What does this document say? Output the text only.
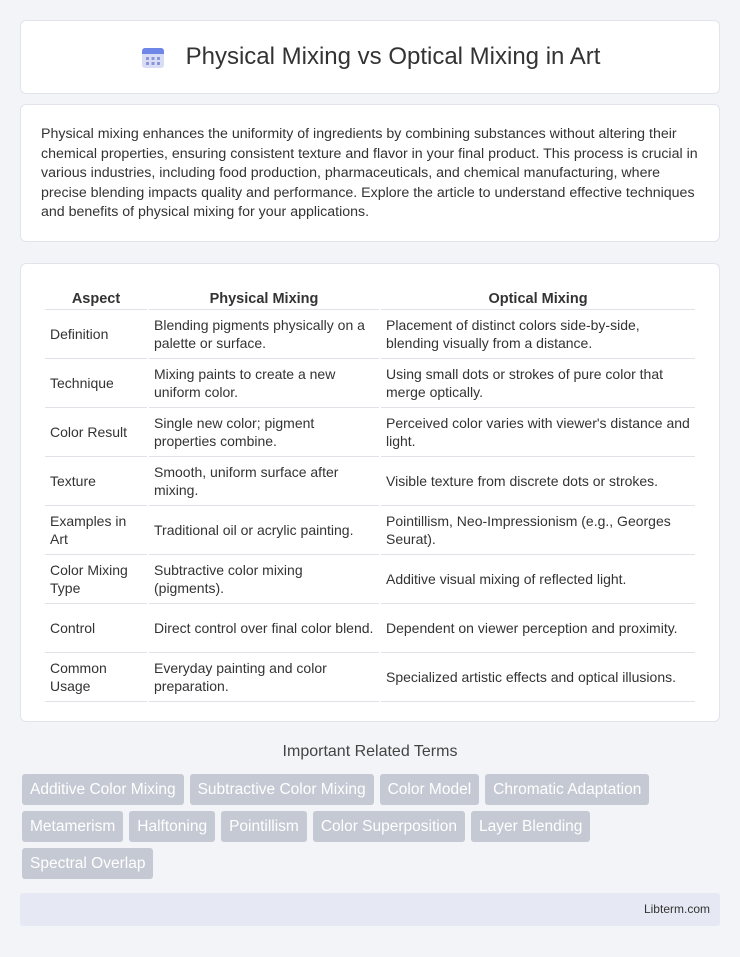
Physical Mixing vs Optical Mixing in Art

Physical mixing enhances the uniformity of ingredients by combining substances without altering their chemical properties, ensuring consistent texture and flavor in your final product. This process is crucial in various industries, including food production, pharmaceuticals, and chemical manufacturing, where precise blending impacts quality and performance. Explore the article to understand effective techniques and benefits of physical mixing for your applications.

Aspect	Physical Mixing	Optical Mixing
Definition	Blending pigments physically on a palette or surface.	Placement of distinct colors side-by-side, blending visually from a distance.
Technique	Mixing paints to create a new uniform color.	Using small dots or strokes of pure color that merge optically.
Color Result	Single new color; pigment properties combine.	Perceived color varies with viewer's distance and light.
Texture	Smooth, uniform surface after mixing.	Visible texture from discrete dots or strokes.
Examples in Art	Traditional oil or acrylic painting.	Pointillism, Neo-Impressionism (e.g., Georges Seurat).
Color Mixing Type	Subtractive color mixing (pigments).	Additive visual mixing of reflected light.
Control	Direct control over final color blend.	Dependent on viewer perception and proximity.
Common Usage	Everyday painting and color preparation.	Specialized artistic effects and optical illusions.
Important Related Terms
Additive Color Mixing	Subtractive Color Mixing	Color Model	Chromatic Adaptation
Metamerism	Halftoning	Pointillism	Color Superposition	Layer Blending
Spectral Overlap
Libterm.com
